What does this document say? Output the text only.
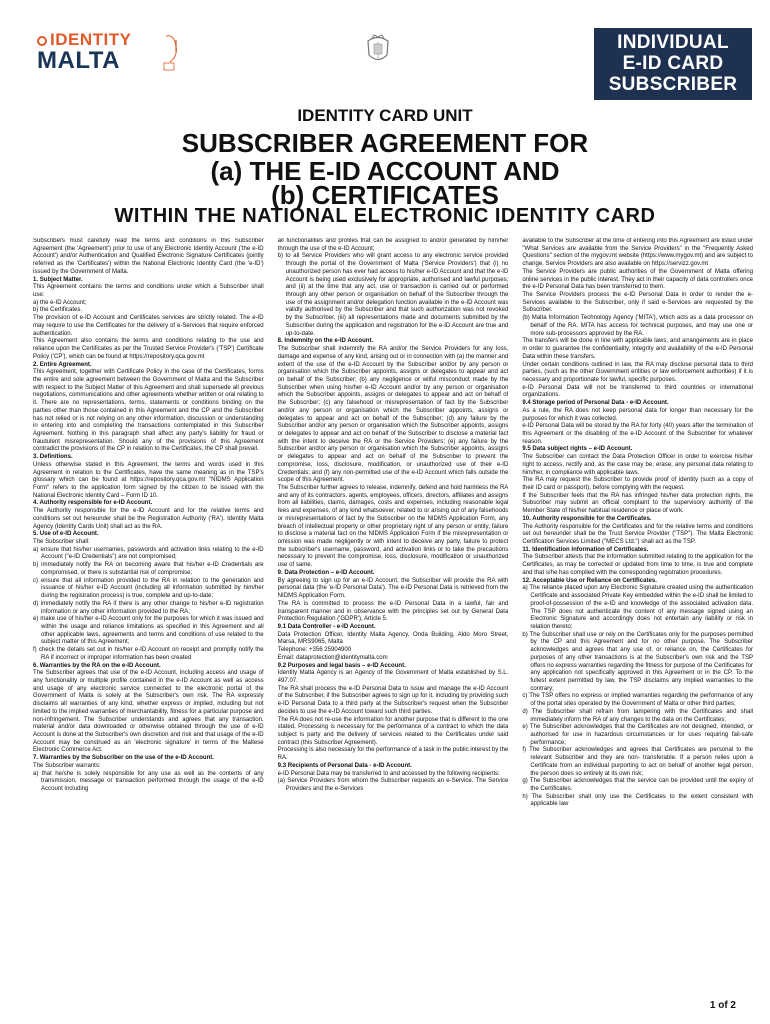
IDENTITY
MALTA
INDIVIDUAL
E-ID CARD
SUBSCRIBER
IDENTITY CARD UNIT
SUBSCRIBER AGREEMENT FOR
(a) THE E-ID ACCOUNT AND
(b) CERTIFICATES
WITHIN THE NATIONAL ELECTRONIC IDENTITY CARD

Subscribers must carefully read the terms and conditions in this Subscriber Agreement (the 'Agreement') prior to use of any Electronic Identity Account ('the e-ID Account') and/or Authentication and Qualified Electronic Signature Certificates (jointly referred as the 'Certificates') within the National Electronic Identity Card (the 'e-ID') issued by the Government of Malta.

1. Subject Matter.

This Agreement contains the terms and conditions under which a Subscriber shall use:

a) the e-ID Account;

b) the Certificates.

The provision of e-ID Account and Certificates services are strictly related. The e-ID may require to use the Certificates for the delivery of e-Services that require enforced authentication.

This Agreement also contains the terms and conditions relating to the use and reliance upon the Certificates as per the Trusted Service Provider's ('TSP') Certificate Policy ('CP'), which can be found at https://repository.qca.gov.mt

2. Entire Agreement.

This Agreement, together with Certificate Policy in the case of the Certificates, forms the entire and sole agreement between the Government of Malta and the Subscriber with respect to the Subject Matter of this Agreement and shall supersede all previous negotiations, communications and other agreements whether written or oral relating to it. There are no representations, terms, statements or conditions binding on the parties other than those contained in this Agreement and the CP and the Subscriber has not relied or is not relying on any other information, discussion or understanding in entering into and completing the transactions contemplated in this Subscriber Agreement. Nothing in this paragraph shall affect any party's liability for fraud or fraudulent misrepresentation. Should any of the provisions of this Agreement contradict the provisions of the CP in relation to the Certificates, the CP shall prevail.

3. Definitions.

Unless otherwise stated in this Agreement, the terms and words used in this Agreement in relation to the Certificates, have the same meaning as in the TSP's glossary which can be found at https://repository.qca.gov.mt "NIDMS Application Form" refers to the application form signed by the citizen to be issued with the National Electronic Identity Card – Form ID 10.

4. Authority responsible for e-ID Account.

The Authority responsible for the e-ID Account and for the relative terms and conditions set out hereunder shall be the Registration Authority ('RA'). Identity Malta Agency (Identity Cards Unit) shall act as the RA.

5. Use of e-ID Account.

The Subscriber shall:

a) ensure that his/her usernames, passwords and activation links relating to the e-ID Account ("e-ID Credentials") are not compromised;

b) immediately notify the RA on becoming aware that his/her e-ID Credentials are compromised, or there is substantial risk of compromise;

c) ensure that all information provided to the RA in relation to the generation and issuance of his/her e-ID Account (including all information submitted by him/her during the registration process) is true, complete and up-to-date;

d) immediately notify the RA if there is any other change to his/her e-ID registration information or any other information provided to the RA;

e) make use of his/her e-ID Account only for the purposes for which it was issued and within the usage and reliance limitations as specified in this Agreement and all other applicable laws, agreements and terms and conditions of use related to the subject matter of this Agreement;

f) check the details set out in his/her e-ID Account on receipt and promptly notify the RA if incorrect or improper information has been created

6. Warranties by the RA on the e-ID Account.

The Subscriber agrees that use of the e-ID Account, including access and usage of any functionality or multiple profile contained in the e-ID Account as well as access and usage of any electronic service connected to the electronic portal of the Government of Malta is solely at the Subscriber's own risk. The RA expressly disclaims all warranties of any kind, whether express or implied, including but not limited to the implied warranties of merchantability, fitness for a particular purpose and non-infringement. The Subscriber understands and agrees that any transaction, material and/or data downloaded or otherwise obtained through the use of e-ID Account is done at the Subscriber's own discretion and risk and that usage of the e-ID Account may be construed as an 'electronic signature' in terms of the Maltese Electronic Commerce Act.

7. Warranties by the Subscriber on the use of the e-ID Account.

The Subscriber warrants:

a) that he/she is solely responsible for any use as well as the contents of any transmission, message or transaction performed through the usage of the e-ID Account including

all functionalities and profiles that can be assigned to and/or generated by him/her through the use of the e-ID Account;

b) to all Service Providers who will grant access to any electronic service provided through the portal of the Government of Malta ('Service Providers') that (i) no unauthorized person has ever had access to his/her e-ID Account and that the e-ID Account is being used exclusively for appropriate, authorised and lawful purposes; and (ii) at the time that any act, use or transaction is carried out or performed through any other person or organisation on behalf of the Subscriber through the use of the assignment and/or delegation function available in the e-ID Account was validly authorised by the Subscriber and that such authorization was not revoked by the Subscriber, (iii) all representations made and documents submitted by the Subscriber during the application and registration for the e-ID Account are true and up-to-date.

8. Indemnity on the e-ID Account.

The Subscriber shall indemnify the RA and/or the Service Providers for any loss, damage and expense of any kind, arising out or in connection with (a) the manner and extent of the use of the e-ID Account by the Subscriber and/or by any person or organisation which the Subscriber appoints, assigns or delegates to appear and act on behalf of the Subscriber; (b) any negligence or wilful misconduct made by the Subscriber when using his/her e-ID Account and/or by any person or organisation which the Subscriber appoints, assigns or delegates to appear and act on behalf of the Subscriber; (c) any falsehood or misrepresentation of fact by the Subscriber and/or any person or organisation which the Subscriber appoints, assigns or delegates to appear and act on behalf of the Subscriber; (d) any failure by the Subscriber and/or any person or organisation which the Subscriber appoints, assigns or delegates to appear and act on behalf of the Subscriber to disclose a material fact with the intent to deceive the RA or the Service Providers; (e) any failure by the Subscriber and/or any person or organisation which the Subscriber appoints, assigns or delegates to appear and act on behalf of the Subscriber to prevent the compromise, loss, disclosure, modification, or unauthorized use of their e-ID Credentials; and (f) any non-permitted use of the e-ID Account which falls outside the scope of this Agreement.

The Subscriber further agrees to release, indemnify, defend and hold harmless the RA and any of its contractors, agents, employees, officers, directors, affiliates and assigns from all liabilities, claims, damages, costs and expenses, including reasonable legal fees and expenses, of any kind whatsoever, related to or arising out of any falsehoods or misrepresentations of fact by the Subscriber on the NIDMS Application Form, any breach of intellectual property or other proprietary right of any person or entity, failure to disclose a material fact on the NIDMS Application Form if the misrepresentation or omission was made negligently or with intent to deceive any party, failure to protect the subscriber's username, password, and activation links or to take the precautions necessary to prevent the compromise, loss, disclosure, modification or unauthorized use of same.

9. Data Protection – e-ID Account.

By agreeing to sign up for an e-ID Account, the Subscriber will provide the RA with personal data (the 'e-ID Personal Data'). The e-ID Personal Data is retrieved from the NIDMS Application Form.

The RA is committed to process the e-ID Personal Data in a lawful, fair and transparent manner and in observance with the principles set out by General Data Protection Regulation ('GDPR'), Article 5.

9.1 Data Controller - e-ID Account.

Data Protection Officer, Identity Malta Agency, Onda Building, Aldo Moro Street, Marsa, MRS9065, Malta

Telephone: +356 25904900

Email: dataprotection@identitymalta.com

9.2 Purposes and legal basis – e-ID Account.

Identity Malta Agency is an Agency of the Government of Malta established by S.L. 497.07.

The RA shall process the e-ID Personal Data to issue and manage the e-ID Account of the Subscriber, if the Subscriber agrees to sign up for it, including by providing such e-ID Personal Data to a third party at the Subscriber's request when the Subscriber decides to use the e-ID Account toward such third parties.

The RA does not re-use the information for another purpose that is different to the one stated. Processing is necessary for the performance of a contract to which the data subject is party and the delivery of services related to the Certificates under said contract (this Subscriber Agreement).

Processing is also necessary for the performance of a task in the public interest by the RA.

9.3 Recipients of Personal Data - e-ID Account.

e-ID Personal Data may be transferred to and accessed by the following recipients:

(a) Service Providers from whom the Subscriber requests an e-Service. The Service Providers and the e-Services

available to the Subscriber at the time of entering into this Agreement are listed under "What Services are available from the Service Providers" in the "Frequently Asked Questions" section of the mygov.mt website (https://www.mygov.mt) and are subject to change. Service Providers are also available on https://servizz.gov.mt

The Service Providers are public authorities of the Government of Malta offering online services in the public interest. They act in their capacity of data controllers once the e-ID Personal Data has been transferred to them.

The Service Providers process the e-ID Personal Data in order to render the e-Services available to the Subscriber, only if said e-Services are requested by the Subscriber.

(b) Malta Information Technology Agency ('MITA'), which acts as a data processor on behalf of the RA. MITA has access for technical purposes, and may use one or more sub-processors approved by the RA.

The transfers will be done in line with applicable laws, and arrangements are in place in order to guarantee the confidentiality, integrity and availability of the e-ID Personal Data within these transfers.

Under certain conditions outlined in law, the RA may disclose personal data to third parties, (such as the other Government entities or law enforcement authorities) if it is necessary and proportionate for lawful, specific purposes.

e-ID Personal Data will not be transferred to third countries or international organizations.

9.4 Storage period of Personal Data - e-ID Account.

As a rule, the RA does not keep personal data for longer than necessary for the purposes for which it was collected.

e-ID Personal Data will be stored by the RA for forty (40) years after the termination of this Agreement or the disabling of the e-ID Account of the Subscriber for whatever reason.

9.5 Data subject rights – e-ID Account.

The Subscriber can contact the Data Protection Officer in order to exercise his/her right to access, rectify and, as the case may be, erase, any personal data relating to him/her, in compliance with applicable laws.

The RA may request the Subscriber to provide proof of identity (such as a copy of their ID card or passport), before complying with the request.

If the Subscriber feels that the RA has infringed his/her data protection rights, the Subscriber may submit an official complaint to the supervisory authority of the Member State of his/her habitual residence or place of work.

10. Authority responsible for the Certificates.

The Authority responsible for the Certificates and for the relative terms and conditions set out hereunder shall be the Trust Service Provider ("TSP"). The Malta Electronic Certification Services Limited ("MECS Ltd.") shall act as the TSP.

11. Identification Information of Certificates.

The Subscriber attests that the information submitted relating to the application for the Certificates, as may be corrected or updated from time to time, is true and complete and that s/he has complied with the corresponding registration procedures.

12. Acceptable Use or Reliance on Certificates.

a) The reliance placed upon any Electronic Signature created using the authentication Certificate and associated Private Key embedded within the e-ID shall be limited to proof-of-possession of the e-ID and knowledge of the associated activation data. The TSP does not authenticate the content of any message signed using an Electronic Signature and accordingly does not entertain any liability or risk in relation thereto;

b) The Subscriber shall use or rely on the Certificates only for the purposes permitted by the CP and this Agreement and for no other purpose. The Subscriber acknowledges and agrees that any use of, or reliance on, the Certificates for purposes of any other transactions is at the Subscriber's own risk and the TSP offers no express warranties regarding the fitness for purpose of the Certificates for any application not specifically approved in this Agreement or in the CP. To the fullest extent permitted by law, the TSP disclaims any implied warranties to the contrary;

c) The TSP offers no express or implied warranties regarding the performance of any of the portal sites operated by the Government of Malta or other third parties;

d) The Subscriber shall refrain from tampering with the Certificates and shall immediately inform the RA of any changes to the data on the Certificates;

e) The Subscriber acknowledges that the Certificates are not designed, intended, or authorised for use in hazardous circumstances or for uses requiring fail-safe performance;

f) The Subscriber acknowledges and agrees that Certificates are personal to the relevant Subscriber and they are non- transferable. If a person relies upon a Certificate from an individual purporting to act on behalf of another legal person, the person does so entirely at its own risk;

g) The Subscriber acknowledges that the service can be provided until the expiry of the Certificates.

h) The Subscriber shall only use the Certificates to the extent consistent with applicable law

1 of 2
